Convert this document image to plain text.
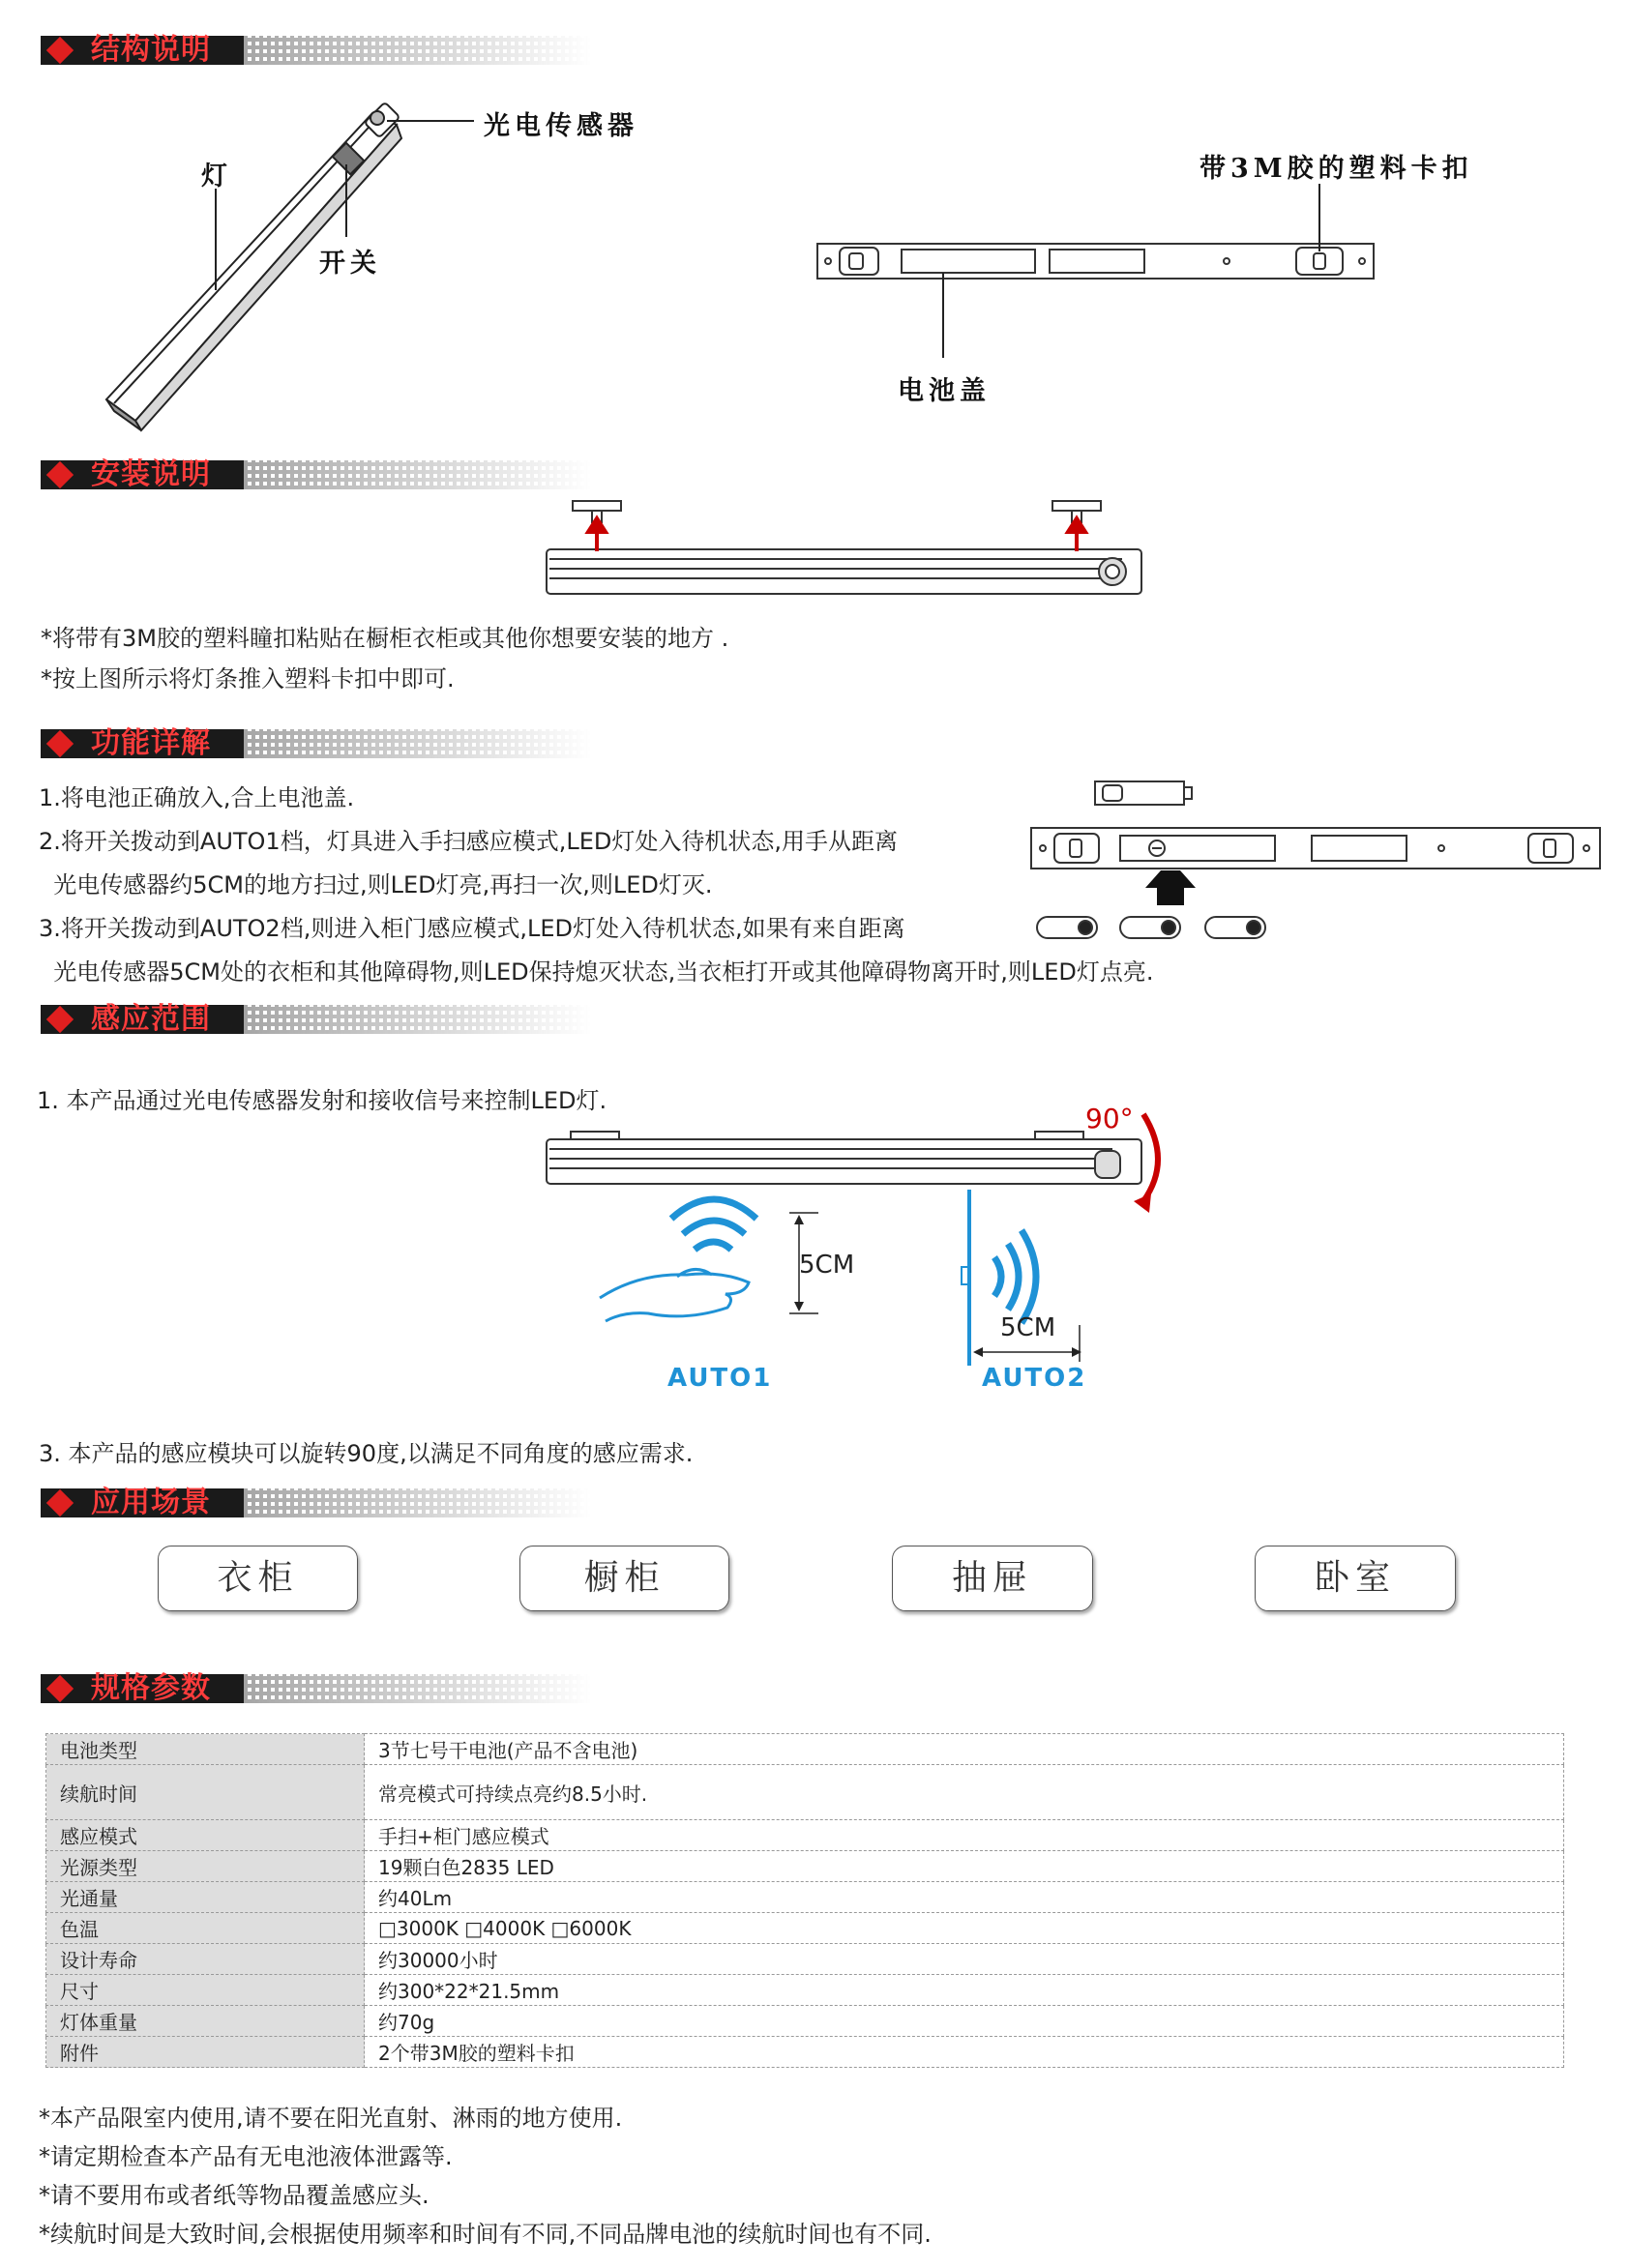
结构说明
光电传感器
灯
开关
带3M胶的塑料卡扣
电池盖
安装说明
*将带有3M胶的塑料瞳扣粘贴在橱柜衣柜或其他你想要安装的地方 .
*按上图所示将灯条推入塑料卡扣中即可.
功能详解
1.将电池正确放入,合上电池盖.
2.将开关拨动到AUTO1档，灯具进入手扫感应模式,LED灯处入待机状态,用手从距离
光电传感器约5CM的地方扫过,则LED灯亮,再扫一次,则LED灯灭.
3.将开关拨动到AUTO2档,则进入柜门感应模式,LED灯处入待机状态,如果有来自距离
光电传感器5CM处的衣柜和其他障碍物,则LED保持熄灭状态,当衣柜打开或其他障碍物离开时,则LED灯点亮.
感应范围
1. 本产品通过光电传感器发射和接收信号来控制LED灯.
90°
5CM
5CM
AUTO1	AUTO2
3. 本产品的感应模块可以旋转90度,以满足不同角度的感应需求.
应用场景
衣柜	橱柜	抽屉	卧室
规格参数
电池类型	3节七号干电池(产品不含电池)
续航时间	常亮模式可持续点亮约8.5小时.
感应模式	手扫+柜门感应模式
光源类型	19颗白色2835 LED
光通量	约40Lm
色温	□3000K □4000K □6000K
设计寿命	约30000小时
尺寸	约300*22*21.5mm
灯体重量	约70g
附件	2个带3M胶的塑料卡扣
*本产品限室内使用,请不要在阳光直射、淋雨的地方使用.
*请定期检查本产品有无电池液体泄露等.
*请不要用布或者纸等物品覆盖感应头.
*续航时间是大致时间,会根据使用频率和时间有不同,不同品牌电池的续航时间也有不同.
